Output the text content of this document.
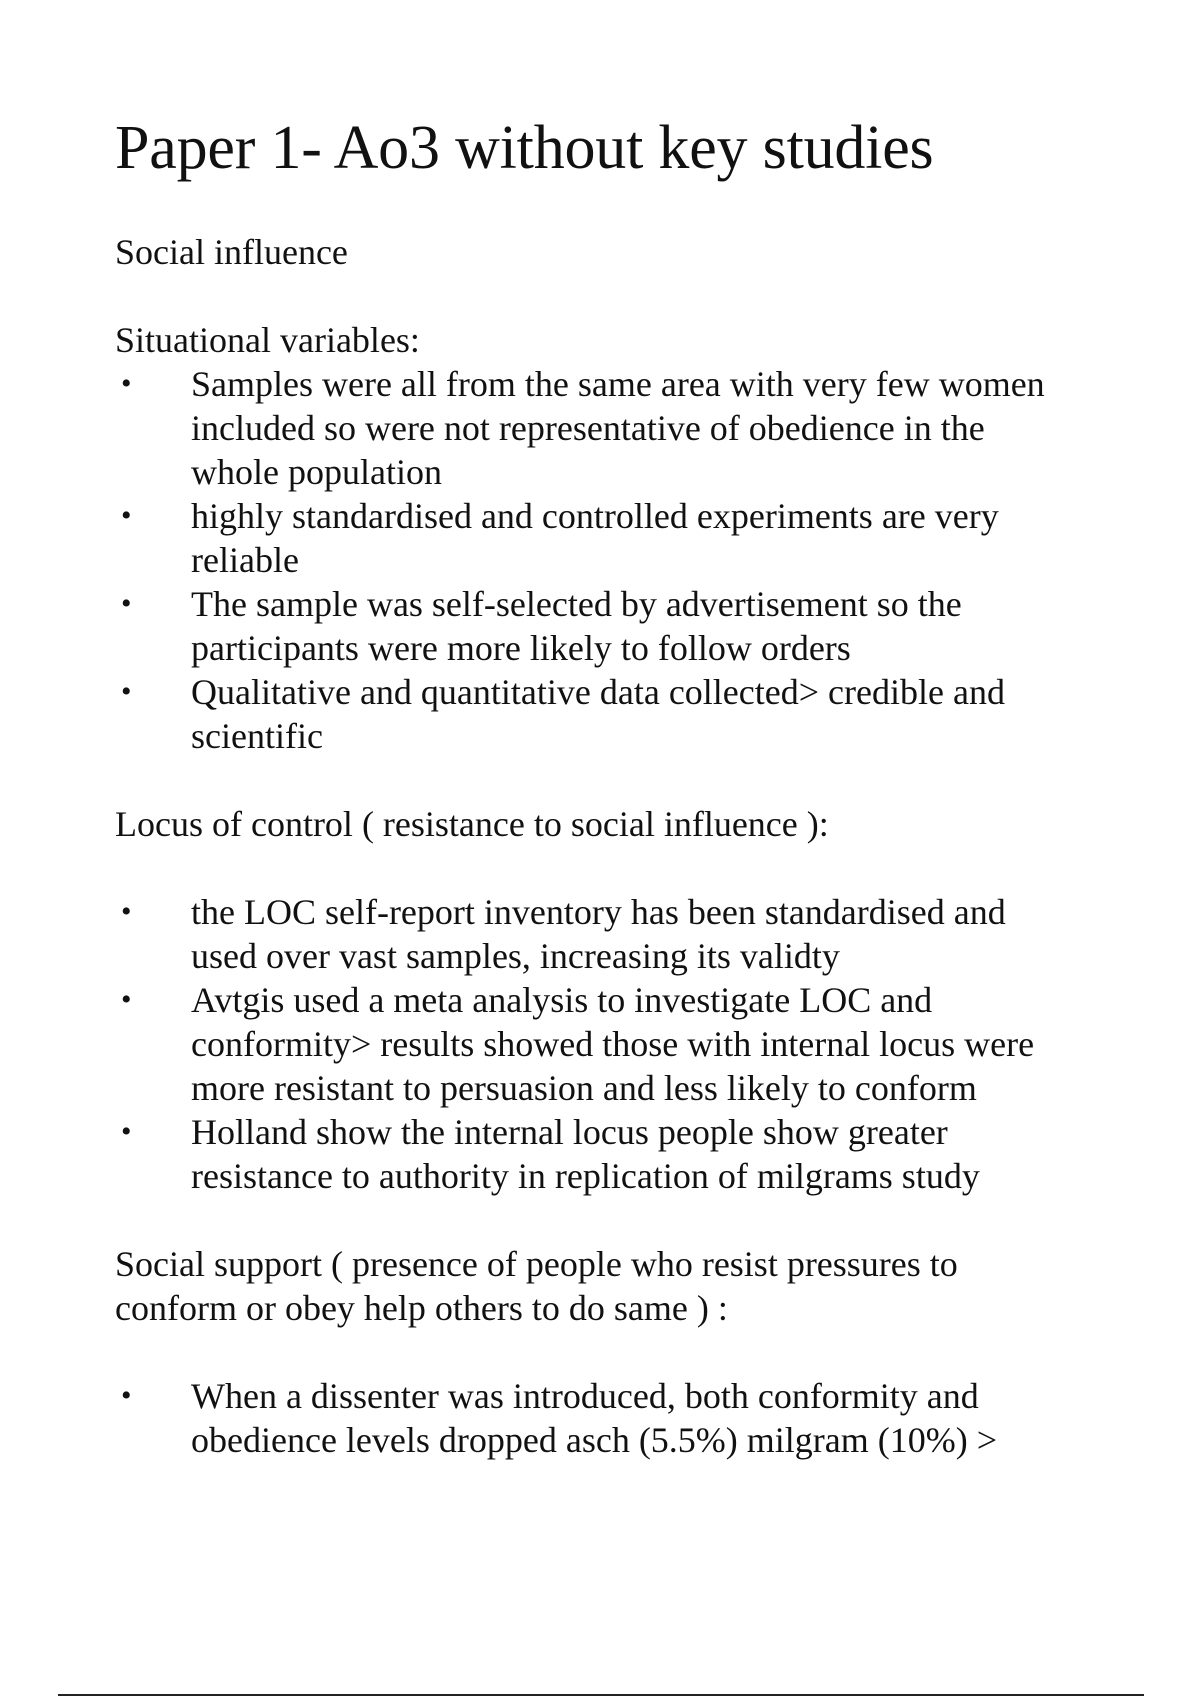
Paper 1- Ao3 without key studies

Social influence

Situational variables:

• Samples were all from the same area with very few women included so were not representative of obedience in the whole population
• highly standardised and controlled experiments are very reliable
• The sample was self-selected by advertisement so the participants were more likely to follow orders
• Qualitative and quantitative data collected> credible and scientific

Locus of control ( resistance to social influence ):

• the LOC self-report inventory has been standardised and used over vast samples, increasing its validty
• Avtgis used a meta analysis to investigate LOC and conformity> results showed those with internal locus were more resistant to persuasion and less likely to conform
• Holland show the internal locus people show greater resistance to authority in replication of milgrams study

Social support ( presence of people who resist pressures to conform or obey help others to do same ) :

• When a dissenter was introduced, both conformity and obedience levels dropped asch (5.5%) milgram (10%) >
